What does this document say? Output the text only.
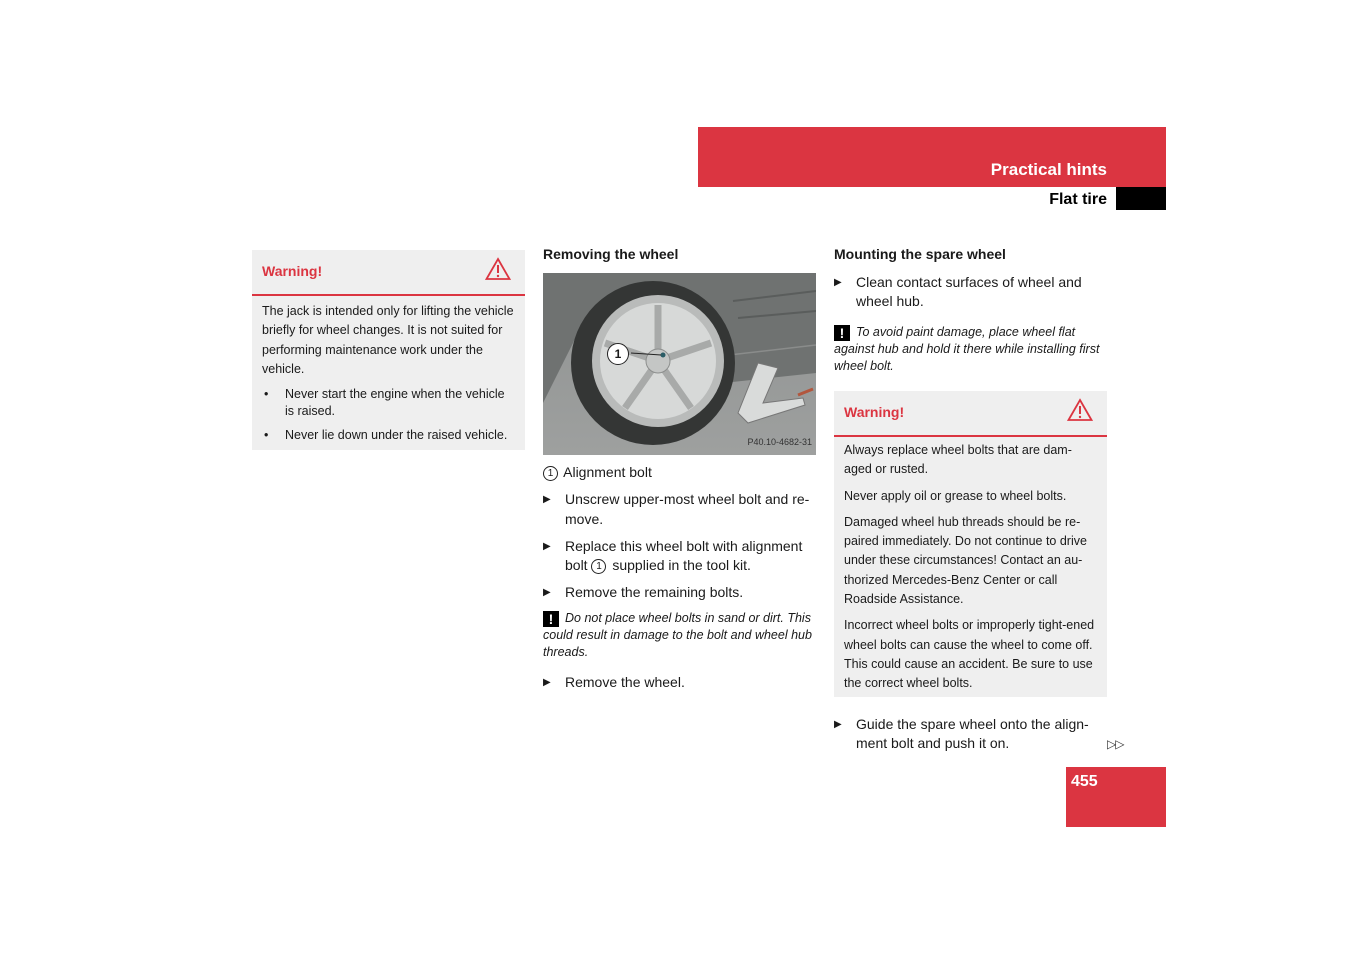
Practical hints
Flat tire
Warning!

The jack is intended only for lifting the vehicle briefly for wheel changes. It is not suited for performing maintenance work under the vehicle.

• Never start the engine when the vehicle is raised.
• Never lie down under the raised vehicle.
Removing the wheel
1
P40.10-4682-31
1 Alignment bolt
▶ Unscrew upper-most wheel bolt and re-move.
▶ Replace this wheel bolt with alignment bolt 1 supplied in the tool kit.
▶ Remove the remaining bolts.
! Do not place wheel bolts in sand or dirt. This could result in damage to the bolt and wheel hub threads.
▶ Remove the wheel.
Mounting the spare wheel
▶ Clean contact surfaces of wheel and wheel hub.
! To avoid paint damage, place wheel flat against hub and hold it there while installing first wheel bolt.
Warning!

Always replace wheel bolts that are dam-aged or rusted.

Never apply oil or grease to wheel bolts.

Damaged wheel hub threads should be re-paired immediately. Do not continue to drive under these circumstances! Contact an au-thorized Mercedes-Benz Center or call Roadside Assistance.

Incorrect wheel bolts or improperly tight-ened wheel bolts can cause the wheel to come off. This could cause an accident. Be sure to use the correct wheel bolts.

▶ Guide the spare wheel onto the align-ment bolt and push it on.	▷▷
455
